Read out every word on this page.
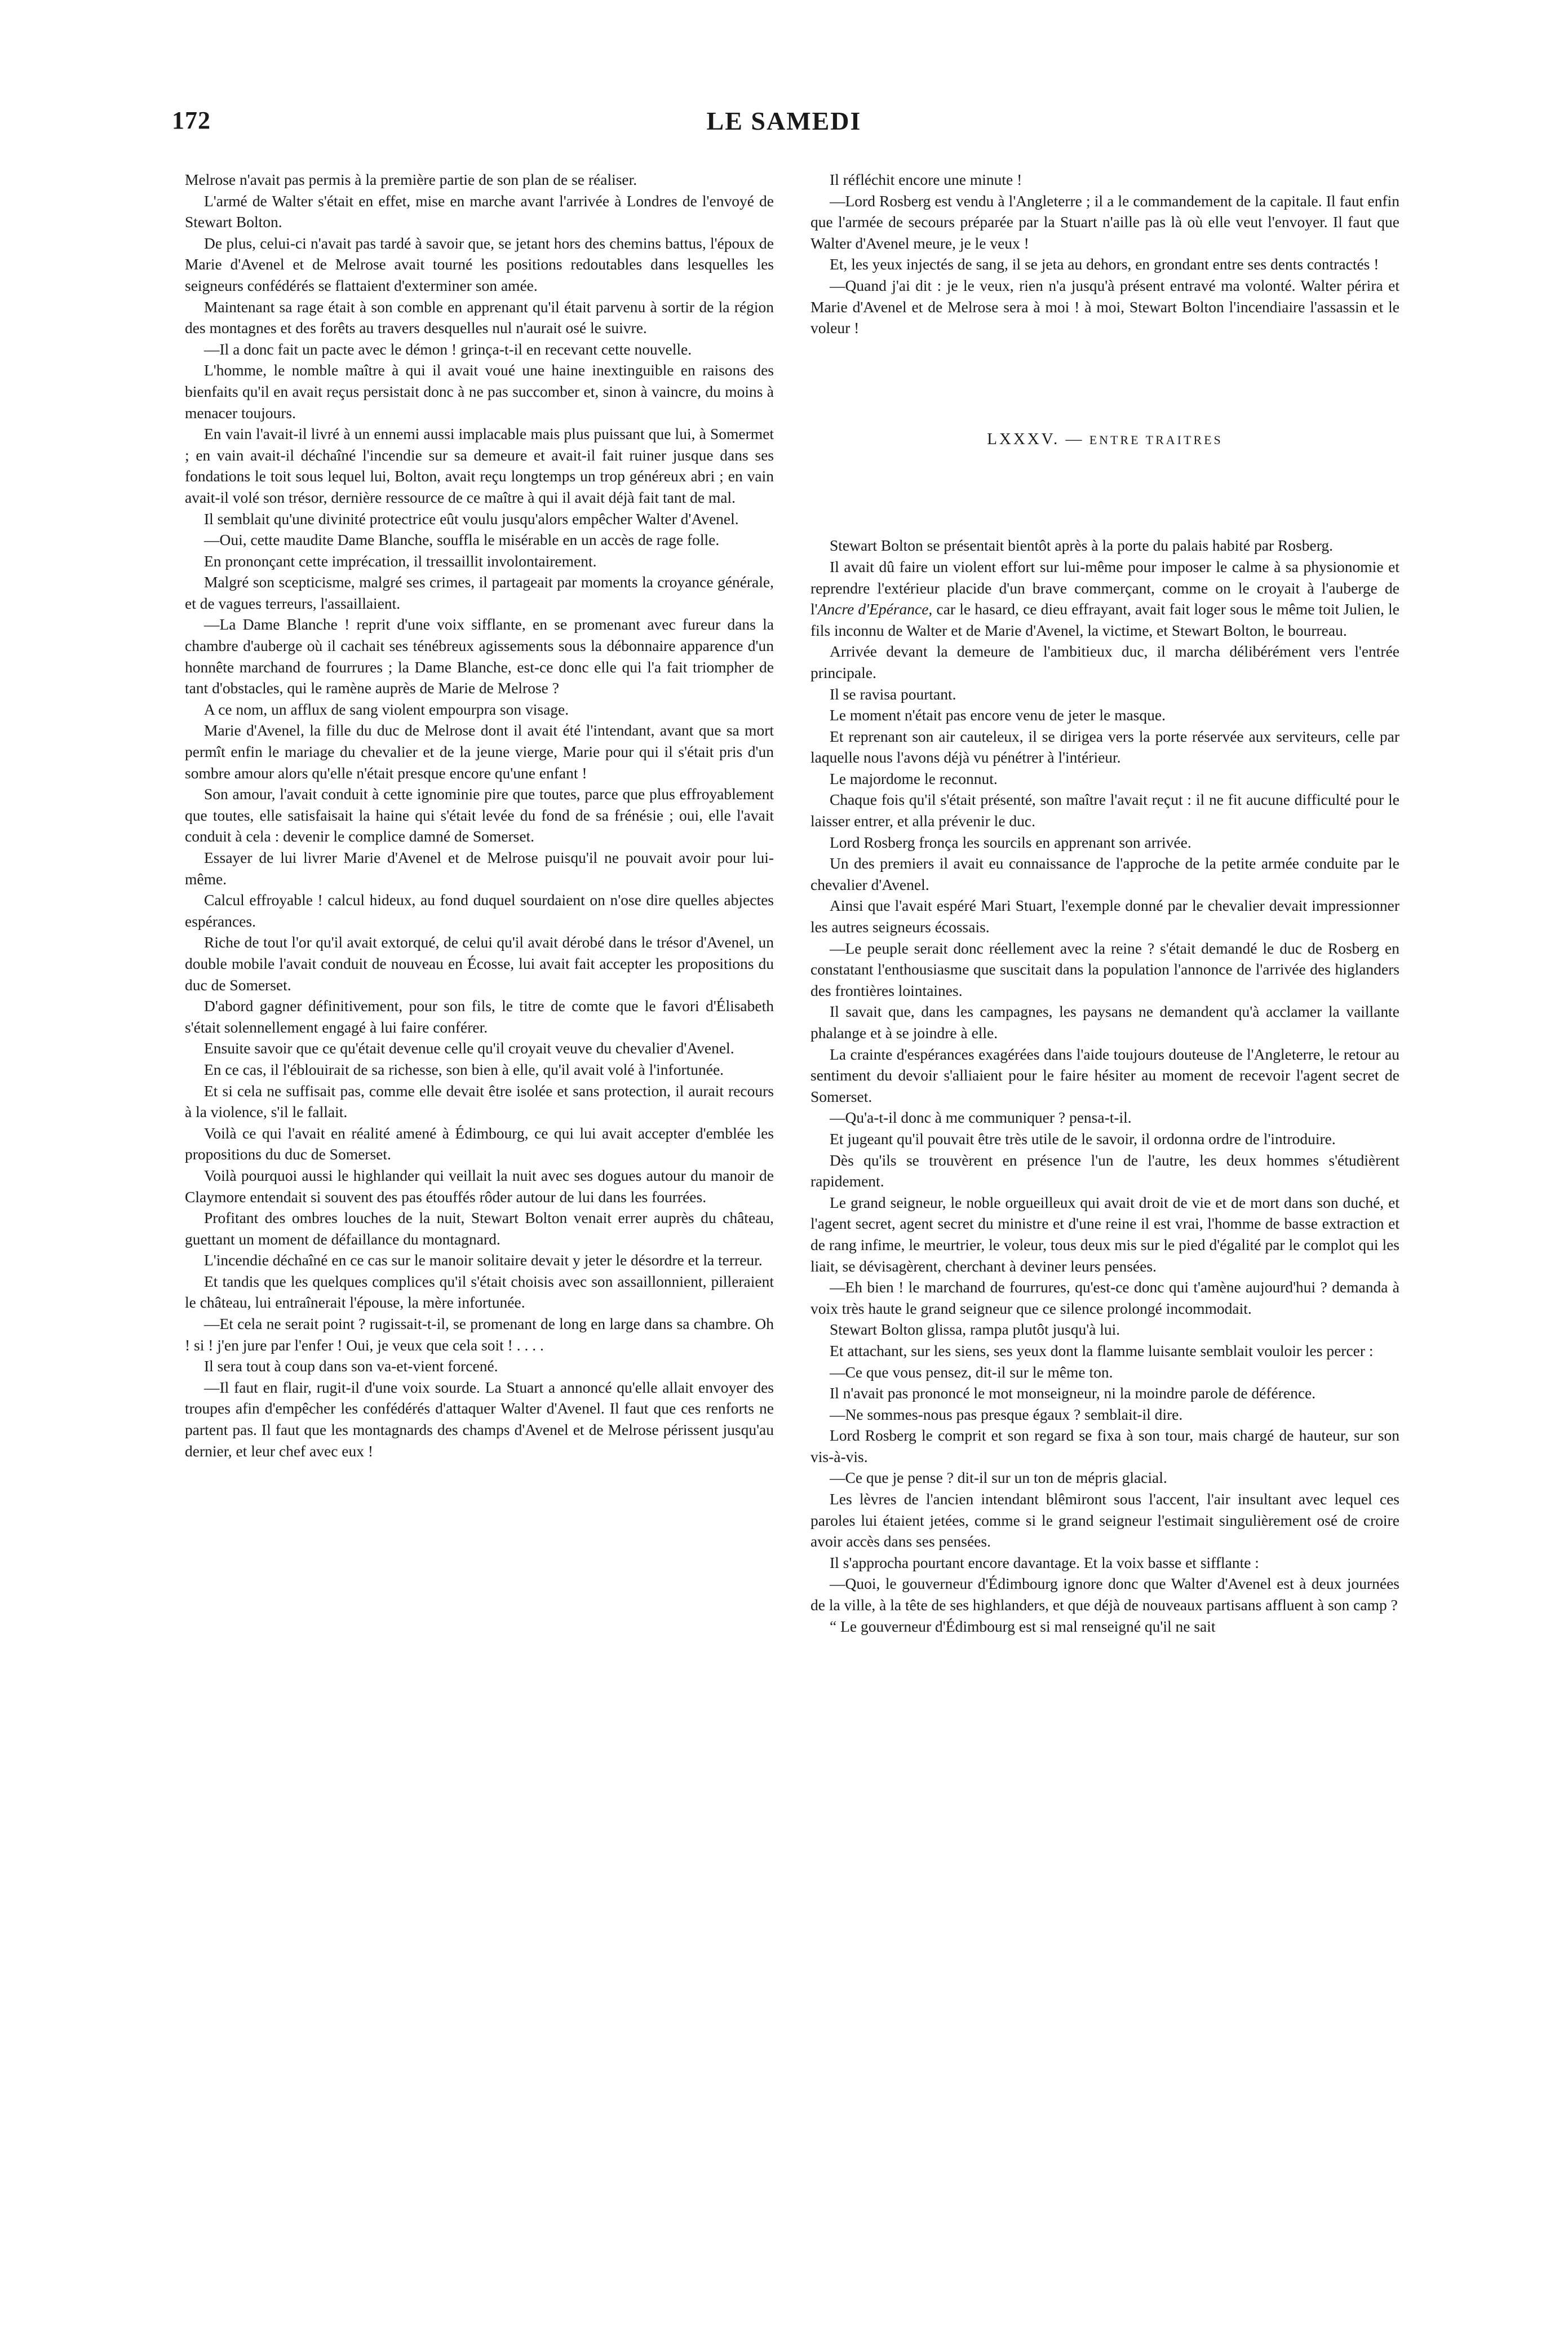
172	LE SAMEDI

Melrose n'avait pas permis à la première partie de son plan de se réaliser.

L'armé de Walter s'était en effet, mise en marche avant l'arrivée à Londres de l'envoyé de Stewart Bolton.

De plus, celui-ci n'avait pas tardé à savoir que, se jetant hors des chemins battus, l'époux de Marie d'Avenel et de Melrose avait tourné les positions redoutables dans lesquelles les seigneurs confédérés se flattaient d'exterminer son amée.

Maintenant sa rage était à son comble en apprenant qu'il était parvenu à sortir de la région des montagnes et des forêts au travers desquelles nul n'aurait osé le suivre.

—Il a donc fait un pacte avec le démon ! grinça-t-il en recevant cette nouvelle.

L'homme, le nomble maître à qui il avait voué une haine inextinguible en raisons des bienfaits qu'il en avait reçus persistait donc à ne pas succomber et, sinon à vaincre, du moins à menacer toujours.

En vain l'avait-il livré à un ennemi aussi implacable mais plus puissant que lui, à Somermet ; en vain avait-il déchaîné l'incendie sur sa demeure et avait-il fait ruiner jusque dans ses fondations le toit sous lequel lui, Bolton, avait reçu longtemps un trop généreux abri ; en vain avait-il volé son trésor, dernière ressource de ce maître à qui il avait déjà fait tant de mal.

Il semblait qu'une divinité protectrice eût voulu jusqu'alors empêcher Walter d'Avenel.

—Oui, cette maudite Dame Blanche, souffla le misérable en un accès de rage folle.

En prononçant cette imprécation, il tressaillit involontairement.

Malgré son scepticisme, malgré ses crimes, il partageait par moments la croyance générale, et de vagues terreurs, l'assaillaient.

—La Dame Blanche ! reprit d'une voix sifflante, en se promenant avec fureur dans la chambre d'auberge où il cachait ses ténébreux agissements sous la débonnaire apparence d'un honnête marchand de fourrures ; la Dame Blanche, est-ce donc elle qui l'a fait triompher de tant d'obstacles, qui le ramène auprès de Marie de Melrose ?

A ce nom, un afflux de sang violent empourpra son visage.

Marie d'Avenel, la fille du duc de Melrose dont il avait été l'intendant, avant que sa mort permît enfin le mariage du chevalier et de la jeune vierge, Marie pour qui il s'était pris d'un sombre amour alors qu'elle n'était presque encore qu'une enfant !

Son amour, l'avait conduit à cette ignominie pire que toutes, parce que plus effroyablement que toutes, elle satisfaisait la haine qui s'était levée du fond de sa frénésie ; oui, elle l'avait conduit à cela : devenir le complice damné de Somerset.

Essayer de lui livrer Marie d'Avenel et de Melrose puisqu'il ne pouvait avoir pour lui-même.

Calcul effroyable ! calcul hideux, au fond duquel sourdaient on n'ose dire quelles abjectes espérances.

Riche de tout l'or qu'il avait extorqué, de celui qu'il avait dérobé dans le trésor d'Avenel, un double mobile l'avait conduit de nouveau en Écosse, lui avait fait accepter les propositions du duc de Somerset.

D'abord gagner définitivement, pour son fils, le titre de comte que le favori d'Élisabeth s'était solennellement engagé à lui faire conférer.

Ensuite savoir que ce qu'était devenue celle qu'il croyait veuve du chevalier d'Avenel.

En ce cas, il l'éblouirait de sa richesse, son bien à elle, qu'il avait volé à l'infortunée.

Et si cela ne suffisait pas, comme elle devait être isolée et sans protection, il aurait recours à la violence, s'il le fallait.

Voilà ce qui l'avait en réalité amené à Édimbourg, ce qui lui avait accepter d'emblée les propositions du duc de Somerset.

Voilà pourquoi aussi le highlander qui veillait la nuit avec ses dogues autour du manoir de Claymore entendait si souvent des pas étouffés rôder autour de lui dans les fourrées.

Profitant des ombres louches de la nuit, Stewart Bolton venait errer auprès du château, guettant un moment de défaillance du montagnard.

L'incendie déchaîné en ce cas sur le manoir solitaire devait y jeter le désordre et la terreur.

Et tandis que les quelques complices qu'il s'était choisis avec son assaillonnient, pilleraient le château, lui entraînerait l'épouse, la mère infortunée.

—Et cela ne serait point ? rugissait-t-il, se promenant de long en large dans sa chambre. Oh ! si ! j'en jure par l'enfer ! Oui, je veux que cela soit ! . . . .

Il sera tout à coup dans son va-et-vient forcené.

—Il faut en flair, rugit-il d'une voix sourde. La Stuart a annoncé qu'elle allait envoyer des troupes afin d'empêcher les confédérés d'attaquer Walter d'Avenel. Il faut que ces renforts ne partent pas. Il faut que les montagnards des champs d'Avenel et de Melrose périssent jusqu'au dernier, et leur chef avec eux !

Il réfléchit encore une minute !

—Lord Rosberg est vendu à l'Angleterre ; il a le commandement de la capitale. Il faut enfin que l'armée de secours préparée par la Stuart n'aille pas là où elle veut l'envoyer. Il faut que Walter d'Avenel meure, je le veux !

Et, les yeux injectés de sang, il se jeta au dehors, en grondant entre ses dents contractés !

—Quand j'ai dit : je le veux, rien n'a jusqu'à présent entravé ma volonté. Walter périra et Marie d'Avenel et de Melrose sera à moi ! à moi, Stewart Bolton l'incendiaire l'assassin et le voleur !

LXXXV. — ENTRE TRAITRES

Stewart Bolton se présentait bientôt après à la porte du palais habité par Rosberg.

Il avait dû faire un violent effort sur lui-même pour imposer le calme à sa physionomie et reprendre l'extérieur placide d'un brave commerçant, comme on le croyait à l'auberge de l'Ancre d'Epérance, car le hasard, ce dieu effrayant, avait fait loger sous le même toit Julien, le fils inconnu de Walter et de Marie d'Avenel, la victime, et Stewart Bolton, le bourreau.

Arrivée devant la demeure de l'ambitieux duc, il marcha délibérément vers l'entrée principale.

Il se ravisa pourtant.

Le moment n'était pas encore venu de jeter le masque.

Et reprenant son air cauteleux, il se dirigea vers la porte réservée aux serviteurs, celle par laquelle nous l'avons déjà vu pénétrer à l'intérieur.

Le majordome le reconnut.

Chaque fois qu'il s'était présenté, son maître l'avait reçut : il ne fit aucune difficulté pour le laisser entrer, et alla prévenir le duc.

Lord Rosberg fronça les sourcils en apprenant son arrivée.

Un des premiers il avait eu connaissance de l'approche de la petite armée conduite par le chevalier d'Avenel.

Ainsi que l'avait espéré Mari Stuart, l'exemple donné par le chevalier devait impressionner les autres seigneurs écossais.

—Le peuple serait donc réellement avec la reine ? s'était demandé le duc de Rosberg en constatant l'enthousiasme que suscitait dans la population l'annonce de l'arrivée des higlanders des frontières lointaines.

Il savait que, dans les campagnes, les paysans ne demandent qu'à acclamer la vaillante phalange et à se joindre à elle.

La crainte d'espérances exagérées dans l'aide toujours douteuse de l'Angleterre, le retour au sentiment du devoir s'alliaient pour le faire hésiter au moment de recevoir l'agent secret de Somerset.

—Qu'a-t-il donc à me communiquer ? pensa-t-il.

Et jugeant qu'il pouvait être très utile de le savoir, il ordonna ordre de l'introduire.

Dès qu'ils se trouvèrent en présence l'un de l'autre, les deux hommes s'étudièrent rapidement.

Le grand seigneur, le noble orgueilleux qui avait droit de vie et de mort dans son duché, et l'agent secret, agent secret du ministre et d'une reine il est vrai, l'homme de basse extraction et de rang infime, le meurtrier, le voleur, tous deux mis sur le pied d'égalité par le complot qui les liait, se dévisagèrent, cherchant à deviner leurs pensées.

—Eh bien ! le marchand de fourrures, qu'est-ce donc qui t'amène aujourd'hui ? demanda à voix très haute le grand seigneur que ce silence prolongé incommodait.

Stewart Bolton glissa, rampa plutôt jusqu'à lui.

Et attachant, sur les siens, ses yeux dont la flamme luisante semblait vouloir les percer :

—Ce que vous pensez, dit-il sur le même ton.

Il n'avait pas prononcé le mot monseigneur, ni la moindre parole de déférence.

—Ne sommes-nous pas presque égaux ? semblait-il dire.

Lord Rosberg le comprit et son regard se fixa à son tour, mais chargé de hauteur, sur son vis-à-vis.

—Ce que je pense ? dit-il sur un ton de mépris glacial.

Les lèvres de l'ancien intendant blêmiront sous l'accent, l'air insultant avec lequel ces paroles lui étaient jetées, comme si le grand seigneur l'estimait singulièrement osé de croire avoir accès dans ses pensées.

Il s'approcha pourtant encore davantage. Et la voix basse et sifflante :

—Quoi, le gouverneur d'Édimbourg ignore donc que Walter d'Avenel est à deux journées de la ville, à la tête de ses highlanders, et que déjà de nouveaux partisans affluent à son camp ?

“ Le gouverneur d'Édimbourg est si mal renseigné qu'il ne sait
